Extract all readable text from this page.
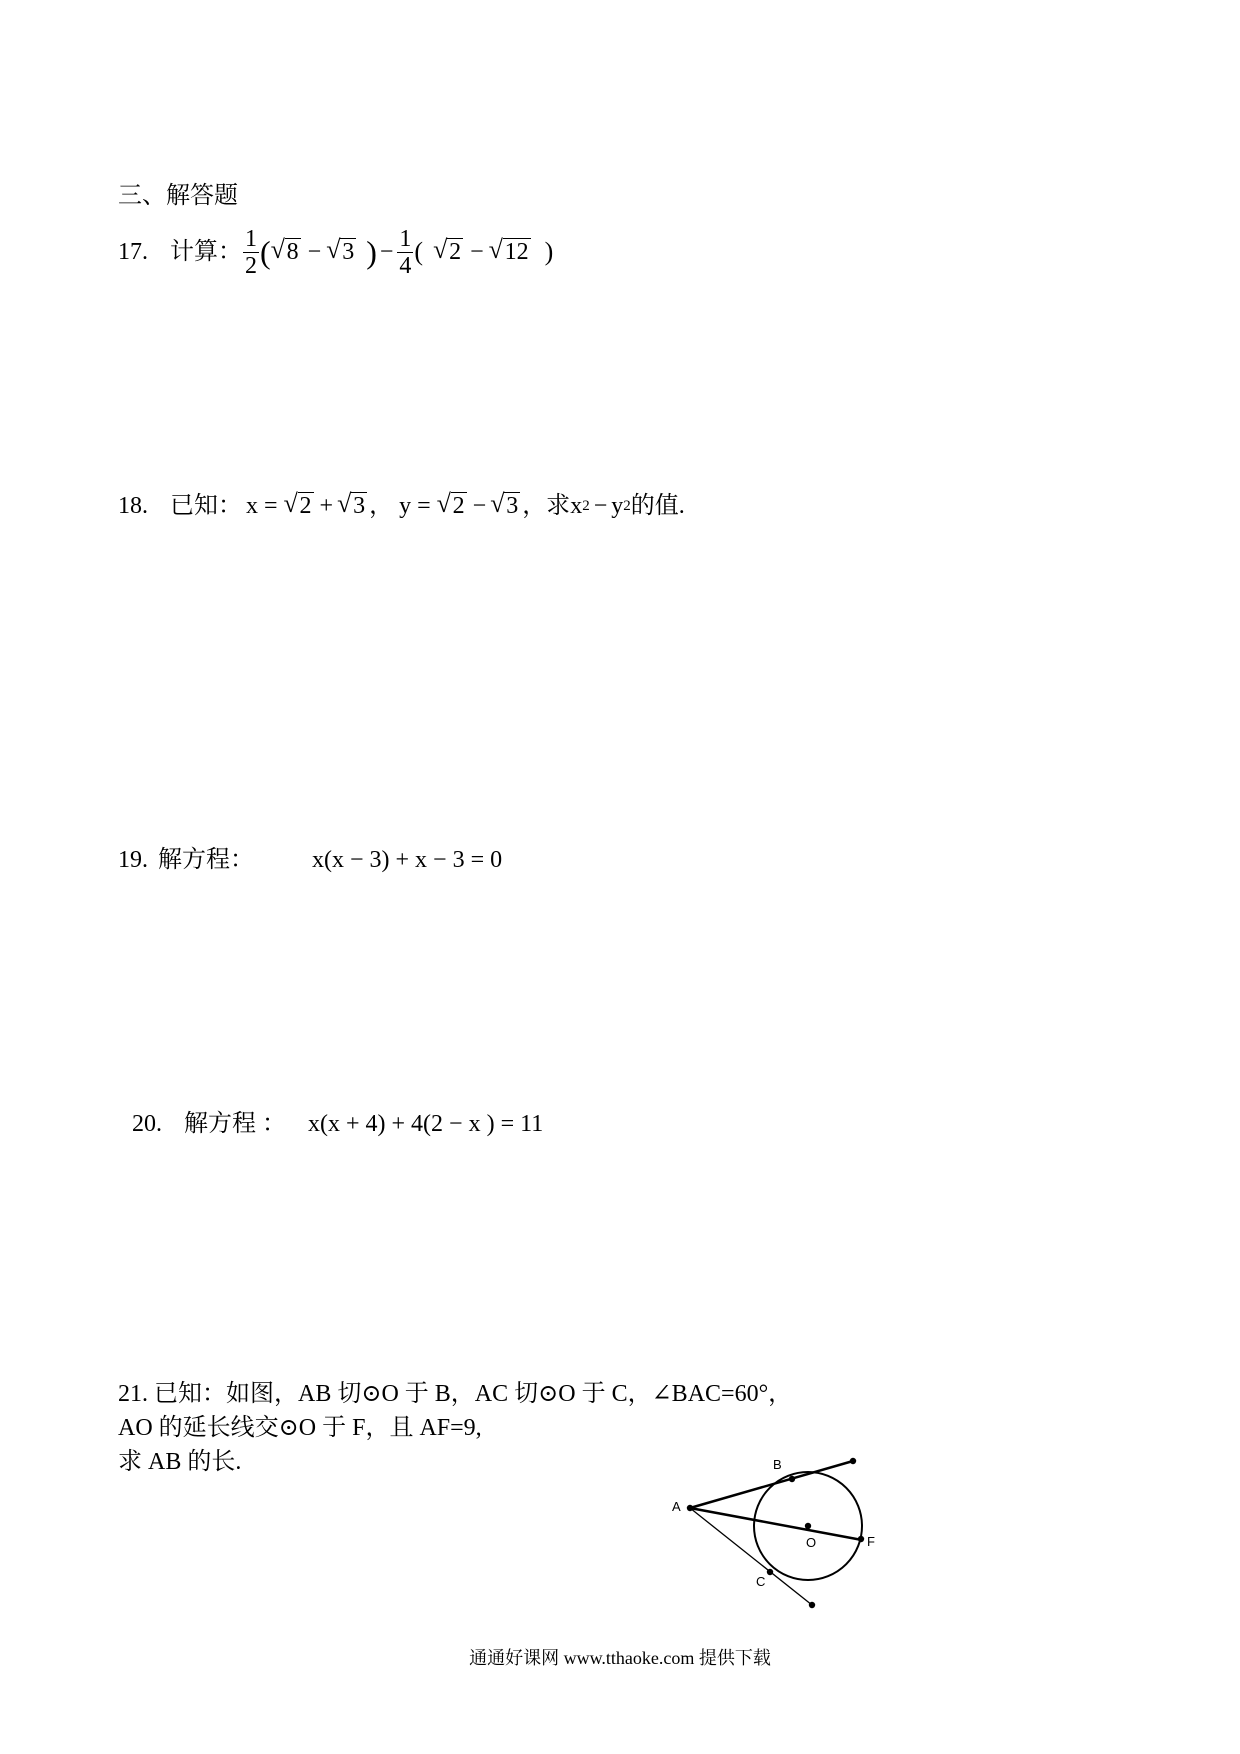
三、解答题
17. 计算： $\frac{1}{2}$ ( √ 8 − √ 3 ) − $\frac{1}{4}$ ( √ 2 − √ 12 )
18. 已知： x = √ 2 + √ 3 ， y = √ 2 − √ 3 ，求 x 2 − y 2 的值.
19. 解方程： x(x − 3) + x − 3 = 0
20. 解方程 ： x(x + 4) + 4(2 − x ) = 11
21. 已知：如图，AB 切⊙O 于 B，AC 切⊙O 于 C，∠BAC=60°，
AO 的延长线交⊙O 于 F，且 AF=9,
求 AB 的长.
A
B
C
O	F
通通好课网 www.tthaoke.com 提供下载
